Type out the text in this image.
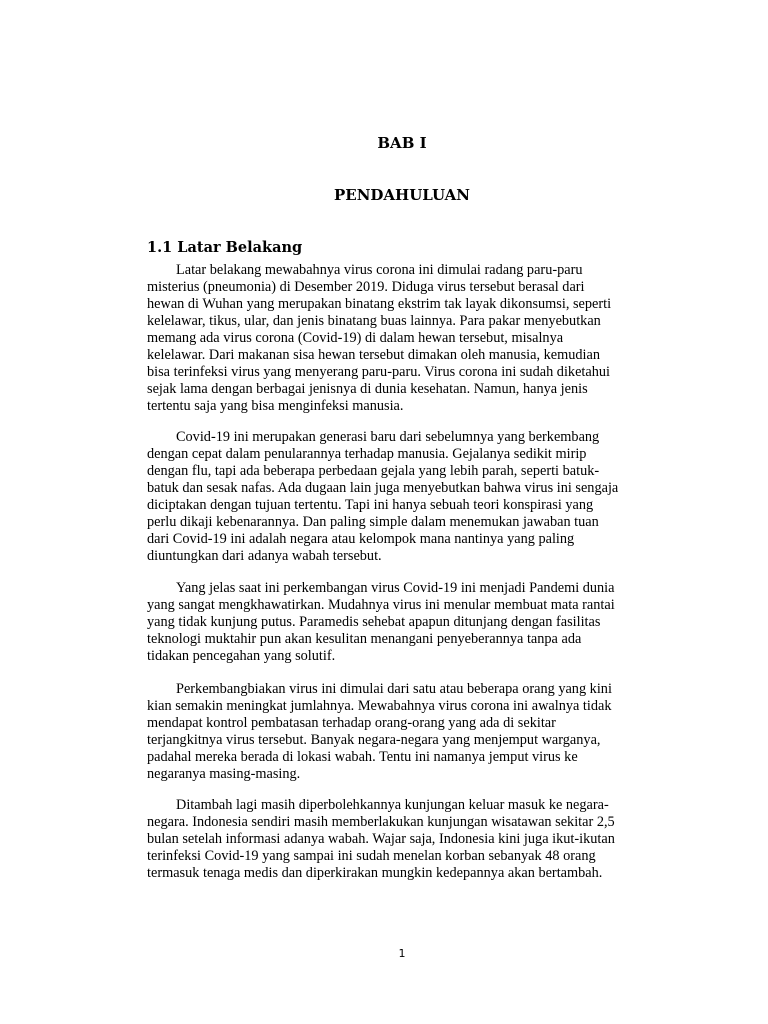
BAB I
PENDAHULUAN
1.1 Latar Belakang
Latar belakang mewabahnya virus corona ini dimulai radang paru-paru
misterius (pneumonia) di Desember 2019. Diduga virus tersebut berasal dari
hewan di Wuhan yang merupakan binatang ekstrim tak layak dikonsumsi, seperti
kelelawar, tikus, ular, dan jenis binatang buas lainnya. Para pakar menyebutkan
memang ada virus corona (Covid-19) di dalam hewan tersebut, misalnya
kelelawar. Dari makanan sisa hewan tersebut dimakan oleh manusia, kemudian
bisa terinfeksi virus yang menyerang paru-paru. Virus corona ini sudah diketahui
sejak lama dengan berbagai jenisnya di dunia kesehatan. Namun, hanya jenis
tertentu saja yang bisa menginfeksi manusia.
Covid-19 ini merupakan generasi baru dari sebelumnya yang berkembang
dengan cepat dalam penularannya terhadap manusia. Gejalanya sedikit mirip
dengan flu, tapi ada beberapa perbedaan gejala yang lebih parah, seperti batuk-
batuk dan sesak nafas. Ada dugaan lain juga menyebutkan bahwa virus ini sengaja
diciptakan dengan tujuan tertentu. Tapi ini hanya sebuah teori konspirasi yang
perlu dikaji kebenarannya. Dan paling simple dalam menemukan jawaban tuan
dari Covid-19 ini adalah negara atau kelompok mana nantinya yang paling
diuntungkan dari adanya wabah tersebut.
Yang jelas saat ini perkembangan virus Covid-19 ini menjadi Pandemi dunia
yang sangat mengkhawatirkan. Mudahnya virus ini menular membuat mata rantai
yang tidak kunjung putus. Paramedis sehebat apapun ditunjang dengan fasilitas
teknologi muktahir pun akan kesulitan menangani penyeberannya tanpa ada
tidakan pencegahan yang solutif.
Perkembangbiakan virus ini dimulai dari satu atau beberapa orang yang kini
kian semakin meningkat jumlahnya. Mewabahnya virus corona ini awalnya tidak
mendapat kontrol pembatasan terhadap orang-orang yang ada di sekitar
terjangkitnya virus tersebut. Banyak negara-negara yang menjemput warganya,
padahal mereka berada di lokasi wabah. Tentu ini namanya jemput virus ke
negaranya masing-masing.
Ditambah lagi masih diperbolehkannya kunjungan keluar masuk ke negara-
negara. Indonesia sendiri masih memberlakukan kunjungan wisatawan sekitar 2,5
bulan setelah informasi adanya wabah. Wajar saja, Indonesia kini juga ikut-ikutan
terinfeksi Covid-19 yang sampai ini sudah menelan korban sebanyak 48 orang
termasuk tenaga medis dan diperkirakan mungkin kedepannya akan bertambah.
1
